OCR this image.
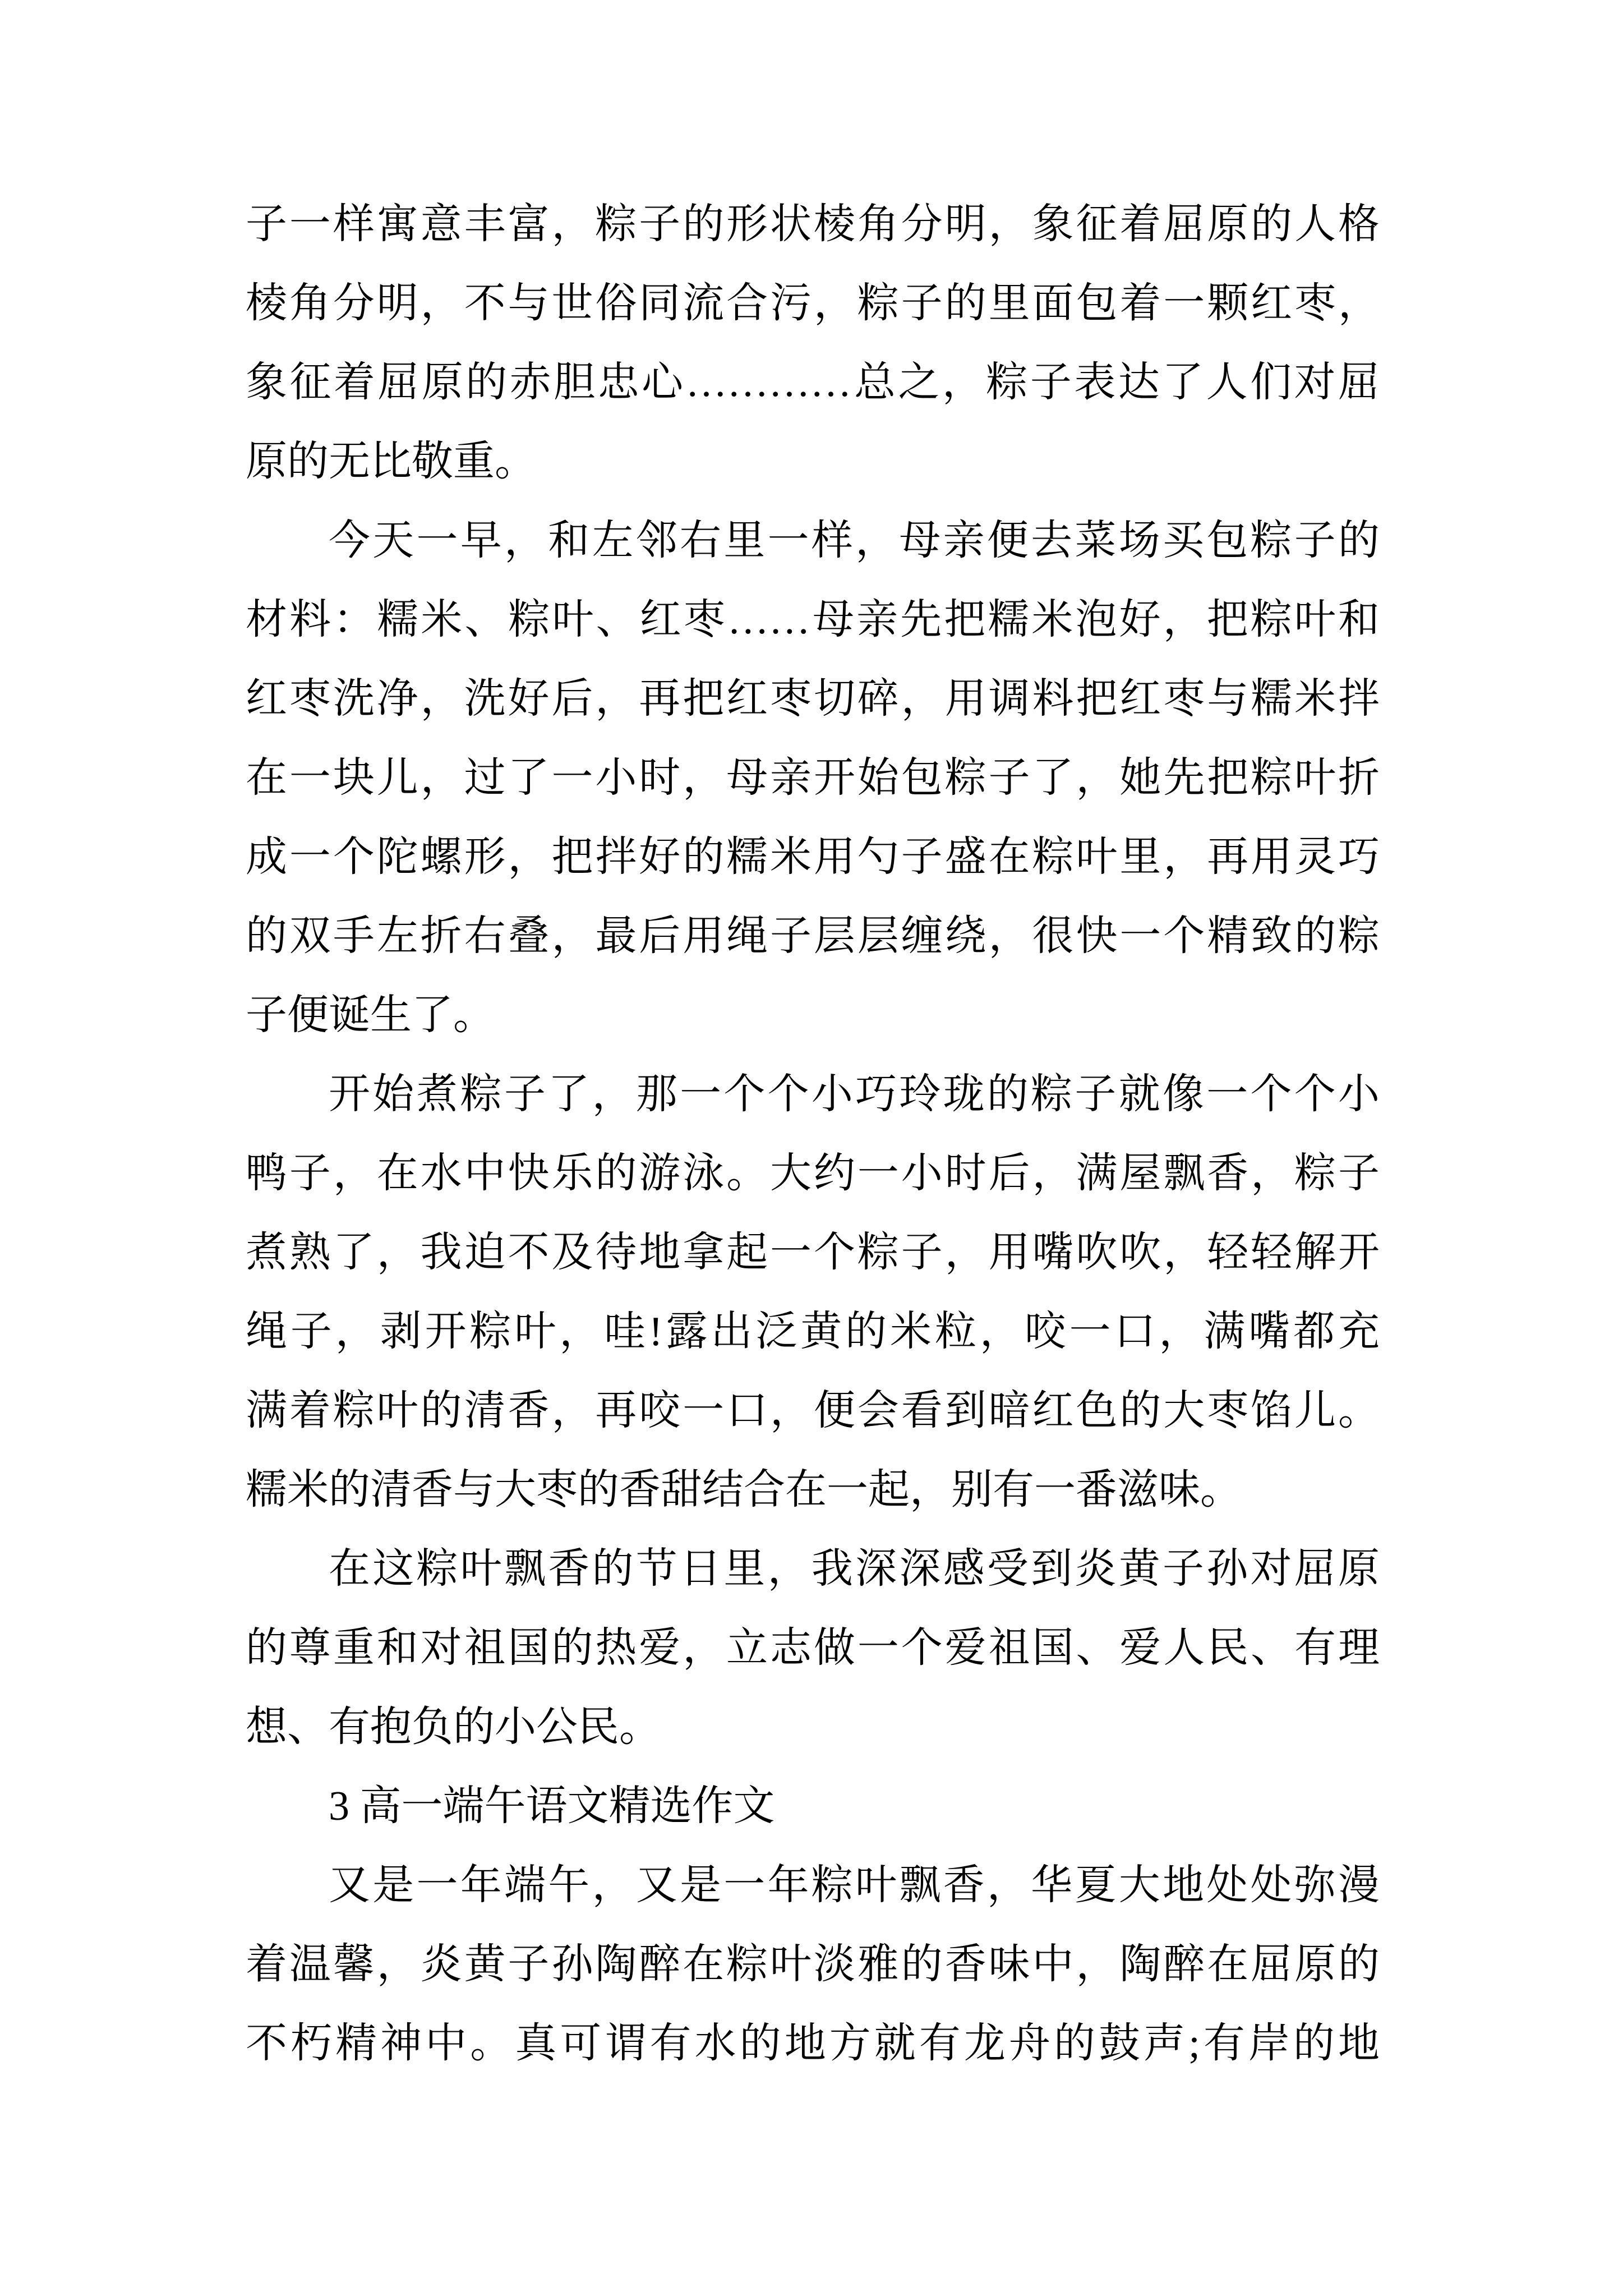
子一样寓意丰富，粽子的形状棱角分明，象征着屈原的人格
棱角分明，不与世俗同流合污，粽子的里面包着一颗红枣，
象征着屈原的赤胆忠心…………总之，粽子表达了人们对屈
原的无比敬重。
今天一早，和左邻右里一样，母亲便去菜场买包粽子的
材料：糯米、粽叶、红枣……母亲先把糯米泡好，把粽叶和
红枣洗净，洗好后，再把红枣切碎，用调料把红枣与糯米拌
在一块儿，过了一小时，母亲开始包粽子了，她先把粽叶折
成一个陀螺形，把拌好的糯米用勺子盛在粽叶里，再用灵巧
的双手左折右叠，最后用绳子层层缠绕，很快一个精致的粽
子便诞生了。
开始煮粽子了，那一个个小巧玲珑的粽子就像一个个小
鸭子，在水中快乐的游泳。大约一小时后，满屋飘香，粽子
煮熟了，我迫不及待地拿起一个粽子，用嘴吹吹，轻轻解开
绳子，剥开粽叶，哇!露出泛黄的米粒，咬一口，满嘴都充
满着粽叶的清香，再咬一口，便会看到暗红色的大枣馅儿。
糯米的清香与大枣的香甜结合在一起，别有一番滋味。
在这粽叶飘香的节日里，我深深感受到炎黄子孙对屈原
的尊重和对祖国的热爱，立志做一个爱祖国、爱人民、有理
想、有抱负的小公民。
3 高一端午语文精选作文
又是一年端午，又是一年粽叶飘香，华夏大地处处弥漫
着温馨，炎黄子孙陶醉在粽叶淡雅的香味中，陶醉在屈原的
不朽精神中。真可谓有水的地方就有龙舟的鼓声;有岸的地
